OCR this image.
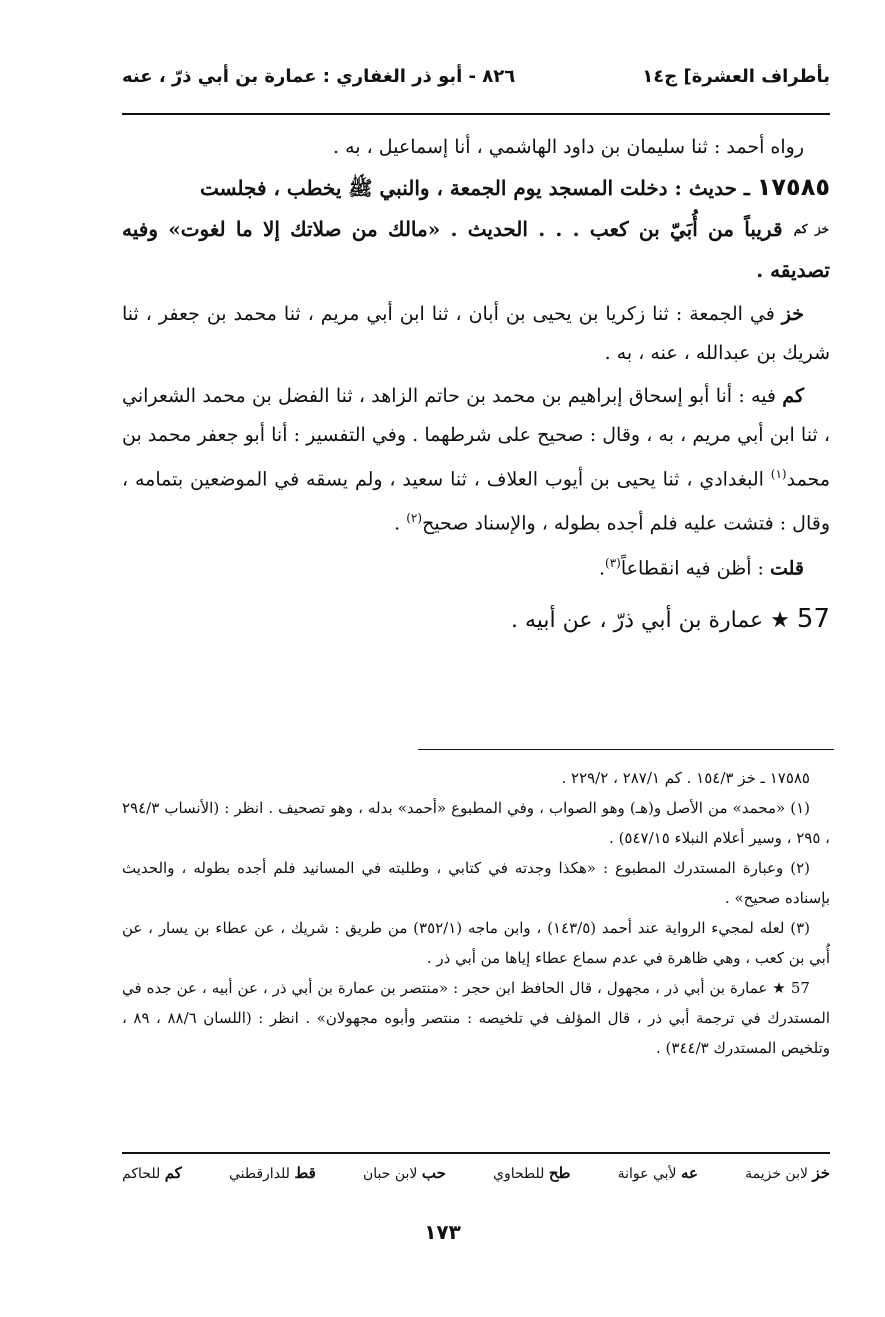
بأطراف العشرة] ج١٤
٨٢٦ - أبو ذر الغفاري : عمارة بن أبي ذرّ ، عنه

رواه أحمد : ثنا سليمان بن داود الهاشمي ، أنا إسماعيل ، به .

١٧٥٨٥ ـ حديث : دخلت المسجد يوم الجمعة ، والنبي ﷺ يخطب ، فجلست

$^{خز كم}$ قريباً من أُبَيّ بن كعب . . . الحديث . «مالك من صلاتك إلا ما لغوت» وفيه تصديقه .

خز في الجمعة : ثنا زكريا بن يحيى بن أبان ، ثنا ابن أبي مريم ، ثنا محمد بن جعفر ، ثنا شريك بن عبدالله ، عنه ، به .

كم فيه : أنا أبو إسحاق إبراهيم بن محمد بن حاتم الزاهد ، ثنا الفضل بن محمد الشعراني ، ثنا ابن أبي مريم ، به ، وقال : صحيح على شرطهما . وفي التفسير : أنا أبو جعفر محمد بن محمد$^{(١)}$ البغدادي ، ثنا يحيى بن أيوب العلاف ، ثنا سعيد ، ولم يسقه في الموضعين بتمامه ، وقال : فتشت عليه فلم أجده بطوله ، والإسناد صحيح$^{(٢)}$ .

قلت : أظن فيه انقطاعاً$^{(٣)}$.

57 ★ عمارة بن أبي ذرّ ، عن أبيه .

١٧٥٨٥ ـ خز ١٥٤/٣ . كم ٢٨٧/١ ، ٢٢٩/٢ .

(١) «محمد» من الأصل و(هـ) وهو الصواب ، وفي المطبوع «أحمد» بدله ، وهو تصحيف . انظر : (الأنساب ٢٩٤/٣ ، ٢٩٥ ، وسير أعلام النبلاء ٥٤٧/١٥) .

(٢) وعبارة المستدرك المطبوع : «هكذا وجدته في كتابي ، وطلبته في المسانيد فلم أجده بطوله ، والحديث بإسناده صحيح» .

(٣) لعله لمجيء الرواية عند أحمد (١٤٣/٥) ، وابن ماجه (٣٥٢/١) من طريق : شريك ، عن عطاء بن يسار ، عن أُبي بن كعب ، وهي ظاهرة في عدم سماع عطاء إياها من أبي ذر .

57 ★ عمارة بن أبي ذر ، مجهول ، قال الحافظ ابن حجر : «منتصر بن عمارة بن أبي ذر ، عن أبيه ، عن جده في المستدرك في ترجمة أبي ذر ، قال المؤلف في تلخيصه : منتصر وأبوه مجهولان» . انظر : (اللسان ٨٨/٦ ، ٨٩ ، وتلخيص المستدرك ٣٤٤/٣) .

خز لابن خزيمة
عه لأبي عوانة
طح للطحاوي
حب لابن حبان
قط للدارقطني
كم للحاكم
١٧٣
